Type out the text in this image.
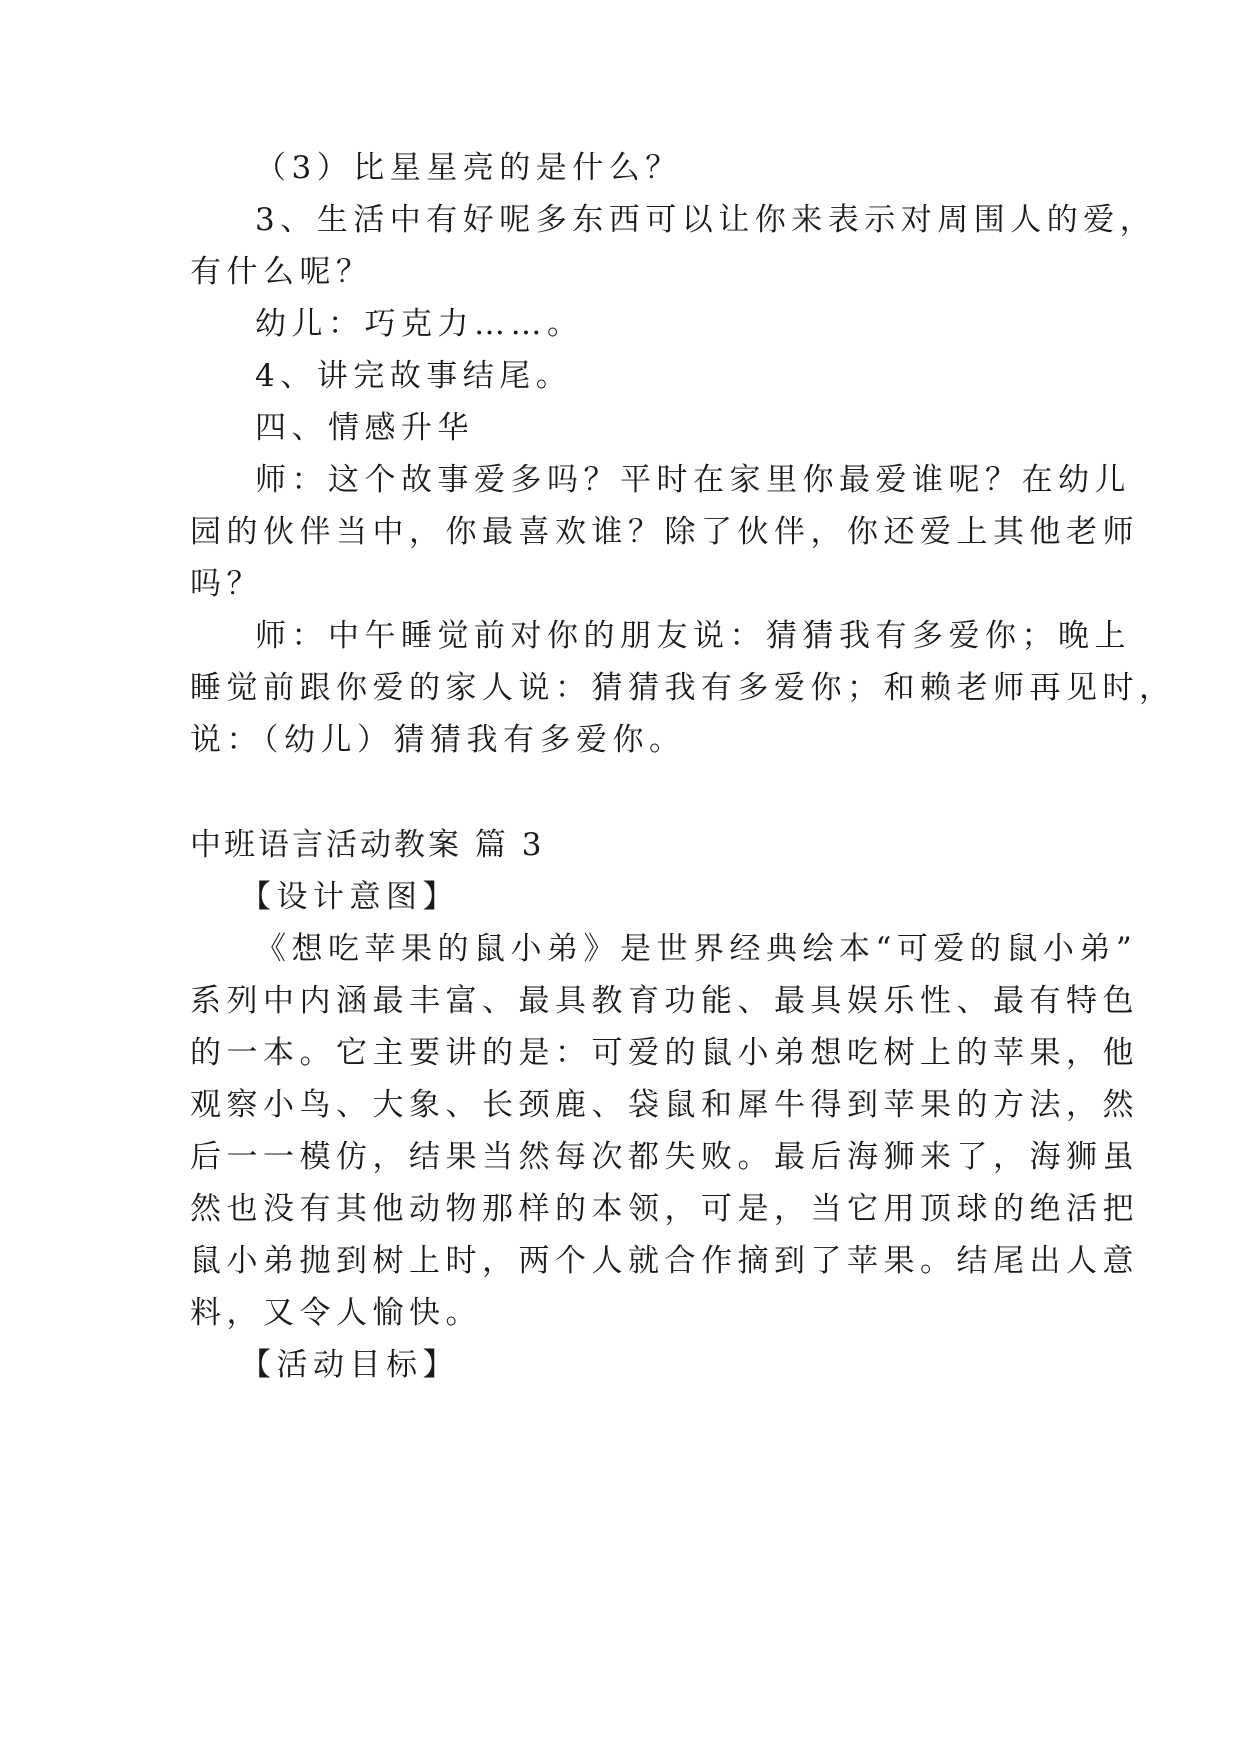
（3）比星星亮的是什么？
3、生活中有好呢多东西可以让你来表示对周围人的爱，
有什么呢？
幼儿：巧克力……。
4、讲完故事结尾。
四、情感升华
师：这个故事爱多吗？平时在家里你最爱谁呢？在幼儿
园的伙伴当中，你最喜欢谁？除了伙伴，你还爱上其他老师
吗？
师：中午睡觉前对你的朋友说：猜猜我有多爱你；晚上
睡觉前跟你爱的家人说：猜猜我有多爱你；和赖老师再见时，
说：（幼儿）猜猜我有多爱你。
中班语言活动教案 篇 3
【设计意图】
《想吃苹果的鼠小弟》是世界经典绘本“可爱的鼠小弟”
系列中内涵最丰富、最具教育功能、最具娱乐性、最有特色
的一本。它主要讲的是：可爱的鼠小弟想吃树上的苹果，他
观察小鸟、大象、长颈鹿、袋鼠和犀牛得到苹果的方法，然
后一一模仿，结果当然每次都失败。最后海狮来了，海狮虽
然也没有其他动物那样的本领，可是，当它用顶球的绝活把
鼠小弟抛到树上时，两个人就合作摘到了苹果。结尾出人意
料，又令人愉快。
【活动目标】
